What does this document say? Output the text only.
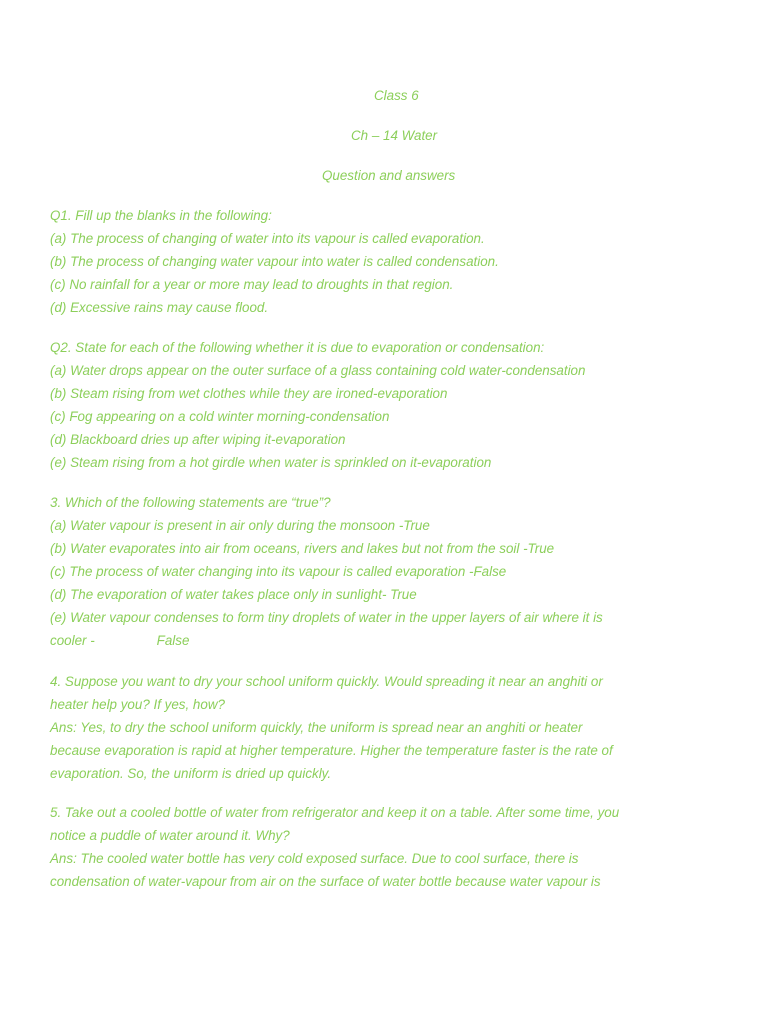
Class 6
Ch – 14 Water
Question and answers
Q1. Fill up the blanks in the following:
(a) The process of changing of water into its vapour is called evaporation.
(b) The process of changing water vapour into water is called condensation.
(c) No rainfall for a year or more may lead to droughts in that region.
(d) Excessive rains may cause flood.
Q2. State for each of the following whether it is due to evaporation or condensation:
(a) Water drops appear on the outer surface of a glass containing cold water-condensation
(b) Steam rising from wet clothes while they are ironed-evaporation
(c) Fog appearing on a cold winter morning-condensation
(d) Blackboard dries up after wiping it-evaporation
(e) Steam rising from a hot girdle when water is sprinkled on it-evaporation
3. Which of the following statements are “true”?
(a) Water vapour is present in air only during the monsoon -True
(b) Water evaporates into air from oceans, rivers and lakes but not from the soil -True
(c) The process of water changing into its vapour is called evaporation -False
(d) The evaporation of water takes place only in sunlight- True
(e) Water vapour condenses to form tiny droplets of water in the upper layers of air where it is
cooler -	False
4. Suppose you want to dry your school uniform quickly. Would spreading it near an anghiti or
heater help you? If yes, how?
Ans: Yes, to dry the school uniform quickly, the uniform is spread near an anghiti or heater
because evaporation is rapid at higher temperature. Higher the temperature faster is the rate of
evaporation. So, the uniform is dried up quickly.
5. Take out a cooled bottle of water from refrigerator and keep it on a table. After some time, you
notice a puddle of water around it. Why?
Ans: The cooled water bottle has very cold exposed surface. Due to cool surface, there is
condensation of water-vapour from air on the surface of water bottle because water vapour is
